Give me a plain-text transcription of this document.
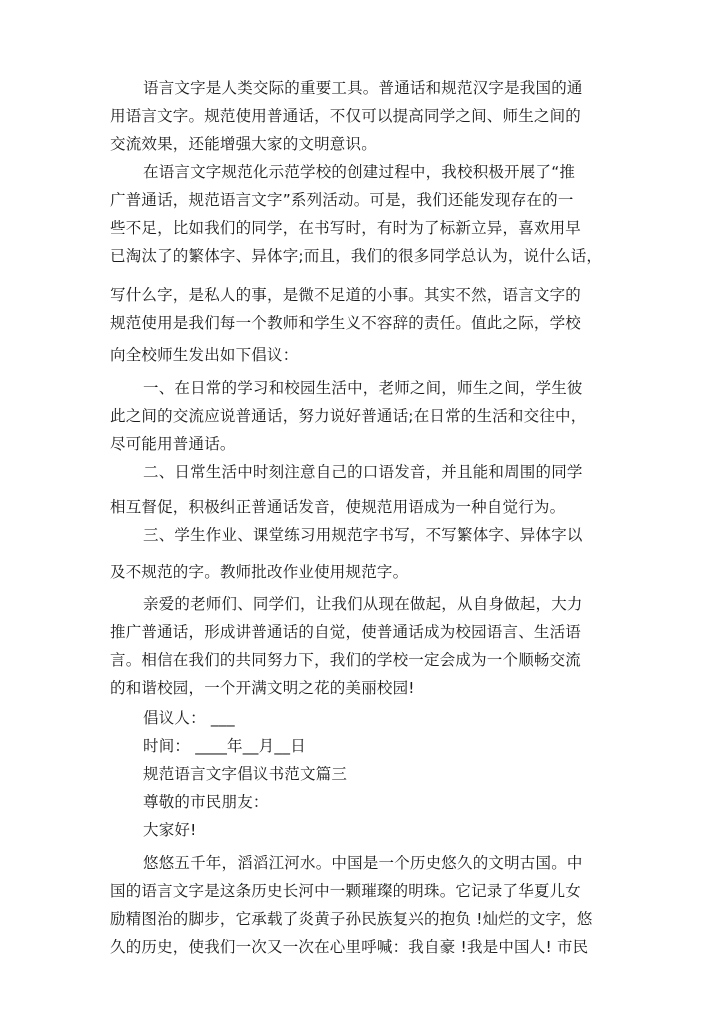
语言文字是人类交际的重要工具。普通话和规范汉字是我国的通
用语言文字。规范使用普通话，不仅可以提高同学之间、师生之间的
交流效果，还能增强大家的文明意识。
在语言文字规范化示范学校的创建过程中，我校积极开展了“推
广普通话，规范语言文字”系列活动。可是，我们还能发现存在的一
些不足，比如我们的同学，在书写时，有时为了标新立异，喜欢用早
已淘汰了的繁体字、异体字;而且，我们的很多同学总认为，说什么话，
写什么字，是私人的事，是微不足道的小事。其实不然，语言文字的
规范使用是我们每一个教师和学生义不容辞的责任。值此之际，学校
向全校师生发出如下倡议：
一、在日常的学习和校园生活中，老师之间，师生之间，学生彼
此之间的交流应说普通话，努力说好普通话;在日常的生活和交往中，
尽可能用普通话。
二、日常生活中时刻注意自己的口语发音，并且能和周围的同学
相互督促，积极纠正普通话发音，使规范用语成为一种自觉行为。
三、学生作业、课堂练习用规范字书写，不写繁体字、异体字以
及不规范的字。教师批改作业使用规范字。
亲爱的老师们、同学们，让我们从现在做起，从自身做起，大力
推广普通话，形成讲普通话的自觉，使普通话成为校园语言、生活语
言。相信在我们的共同努力下，我们的学校一定会成为一个顺畅交流
的和谐校园，一个开满文明之花的美丽校园!
倡议人： ___
时间： ____年__月__日
规范语言文字倡议书范文篇三
尊敬的市民朋友：
大家好!
悠悠五千年，滔滔江河水。中国是一个历史悠久的文明古国。中
国的语言文字是这条历史长河中一颗璀璨的明珠。它记录了华夏儿女
励精图治的脚步，它承载了炎黄子孙民族复兴的抱负 !灿烂的文字，悠
久的历史，使我们一次又一次在心里呼喊：我自豪 !我是中国人! 市民
